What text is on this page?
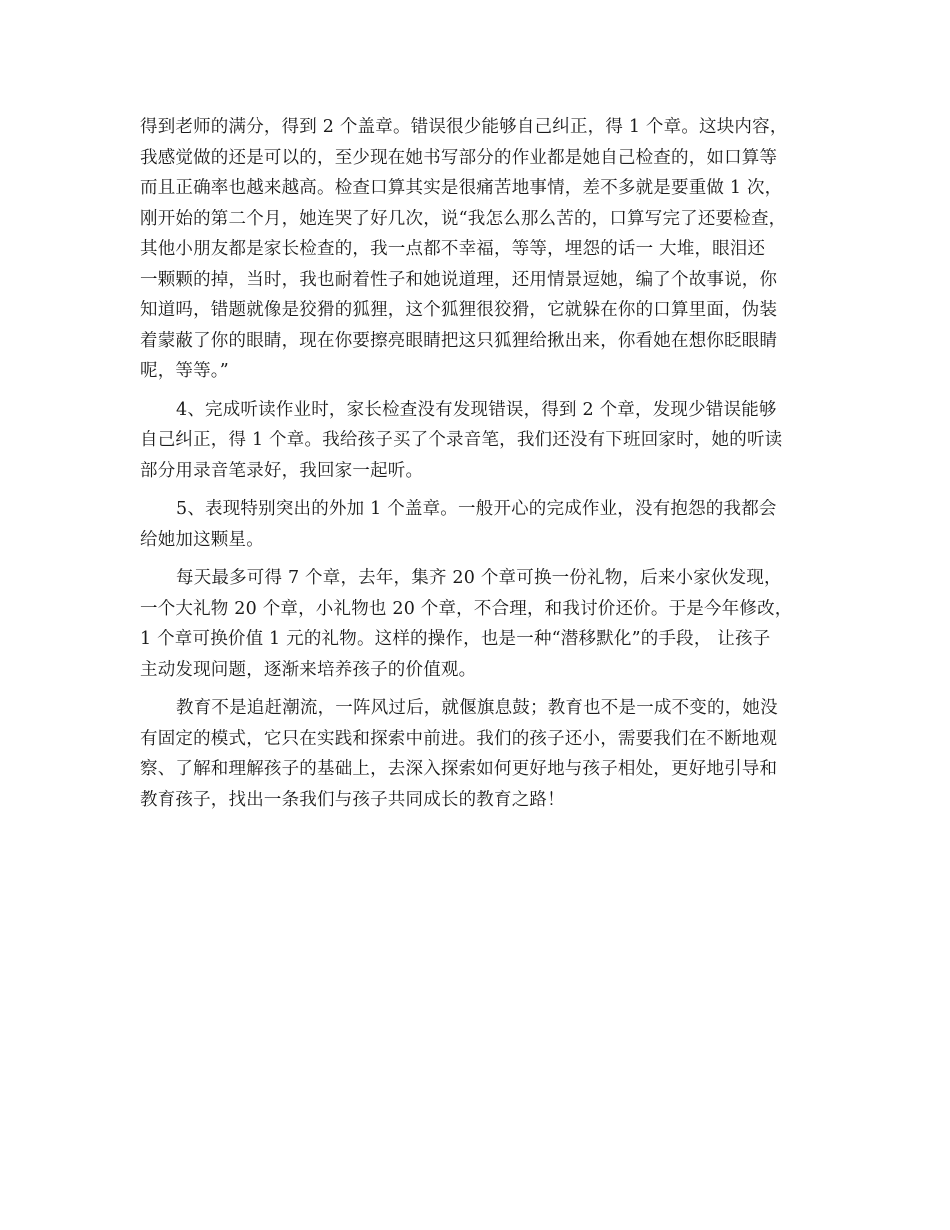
得到老师的满分，得到 2 个盖章。错误很少能够自己纠正，得 1 个章。这块内容，
我感觉做的还是可以的，至少现在她书写部分的作业都是她自己检查的，如口算等
而且正确率也越来越高。检查口算其实是很痛苦地事情，差不多就是要重做 1 次，
刚开始的第二个月，她连哭了好几次，说“我怎么那么苦的，口算写完了还要检查，
其他小朋友都是家长检查的，我一点都不幸福，等等，埋怨的话一 大堆，眼泪还
一颗颗的掉，当时，我也耐着性子和她说道理，还用情景逗她，编了个故事说，你
知道吗，错题就像是狡猾的狐狸，这个狐狸很狡猾，它就躲在你的口算里面，伪装
着蒙蔽了你的眼睛，现在你要擦亮眼睛把这只狐狸给揪出来，你看她在想你眨眼睛
呢，等等。”
4、完成听读作业时，家长检查没有发现错误，得到 2 个章，发现少错误能够
自己纠正，得 1 个章。我给孩子买了个录音笔，我们还没有下班回家时，她的听读
部分用录音笔录好，我回家一起听。
5、表现特别突出的外加 1 个盖章。一般开心的完成作业，没有抱怨的我都会
给她加这颗星。
每天最多可得 7 个章，去年，集齐 20 个章可换一份礼物，后来小家伙发现，
一个大礼物 20 个章，小礼物也 20 个章，不合理，和我讨价还价。于是今年修改，
1 个章可换价值 1 元的礼物。这样的操作，也是一种“潜移默化”的手段， 让孩子
主动发现问题，逐渐来培养孩子的价值观。
教育不是追赶潮流，一阵风过后，就偃旗息鼓；教育也不是一成不变的，她没
有固定的模式，它只在实践和探索中前进。我们的孩子还小，需要我们在不断地观
察、了解和理解孩子的基础上，去深入探索如何更好地与孩子相处，更好地引导和
教育孩子，找出一条我们与孩子共同成长的教育之路！
